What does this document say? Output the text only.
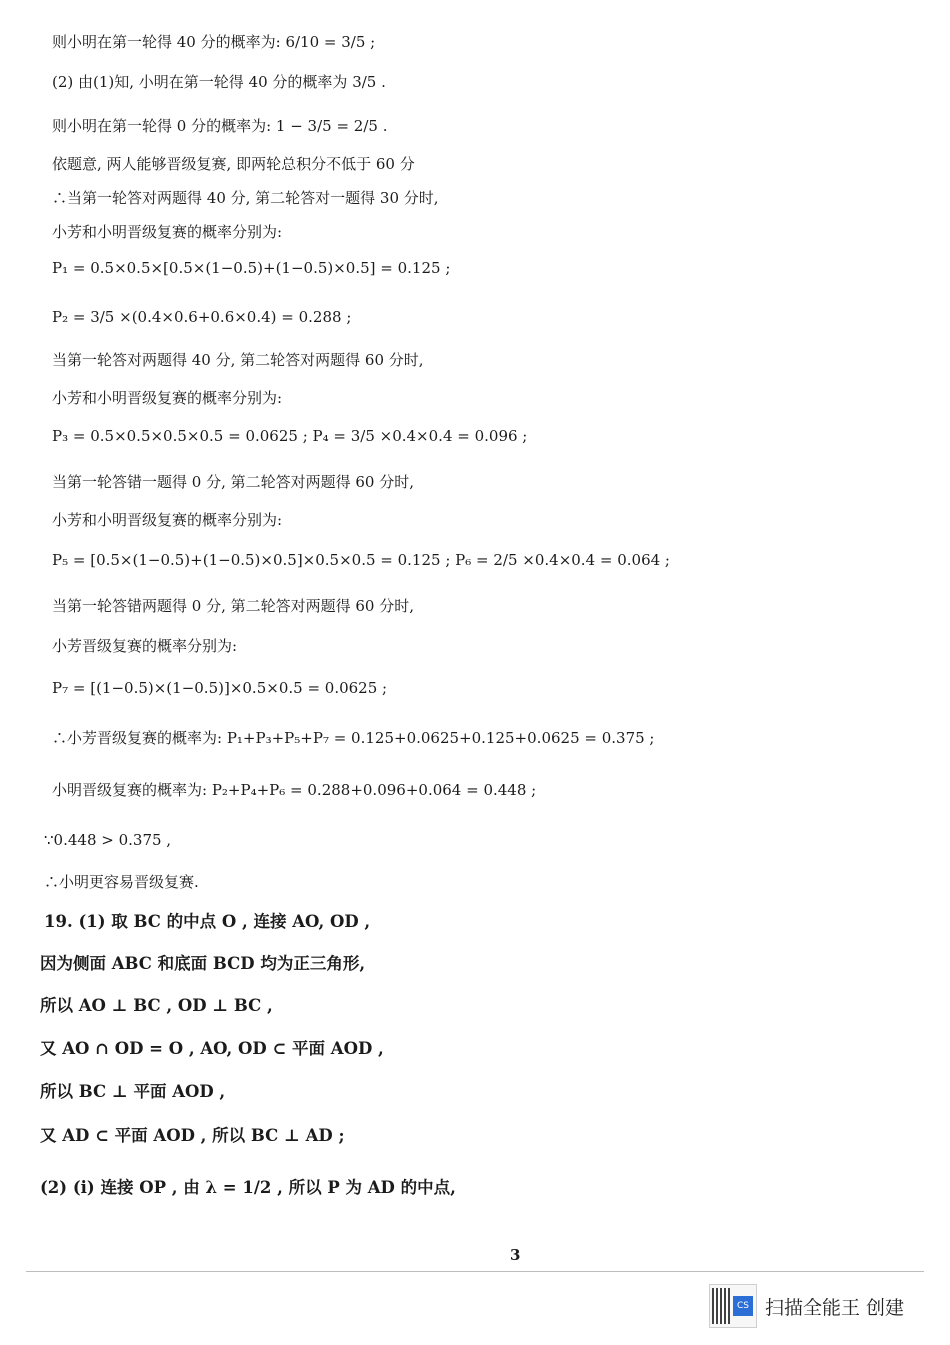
则小明在第一轮得 40 分的概率为: 6/10 = 3/5 ;
(2) 由(1)知, 小明在第一轮得 40 分的概率为 3/5 .
则小明在第一轮得 0 分的概率为: 1 − 3/5 = 2/5 .
依题意, 两人能够晋级复赛, 即两轮总积分不低于 60 分
∴当第一轮答对两题得 40 分, 第二轮答对一题得 30 分时,
小芳和小明晋级复赛的概率分别为:
P₁ = 0.5×0.5×[0.5×(1−0.5)+(1−0.5)×0.5] = 0.125 ;
P₂ = 3/5 ×(0.4×0.6+0.6×0.4) = 0.288 ;
当第一轮答对两题得 40 分, 第二轮答对两题得 60 分时,
小芳和小明晋级复赛的概率分别为:
P₃ = 0.5×0.5×0.5×0.5 = 0.0625 ; P₄ = 3/5 ×0.4×0.4 = 0.096 ;
当第一轮答错一题得 0 分, 第二轮答对两题得 60 分时,
小芳和小明晋级复赛的概率分别为:
P₅ = [0.5×(1−0.5)+(1−0.5)×0.5]×0.5×0.5 = 0.125 ; P₆ = 2/5 ×0.4×0.4 = 0.064 ;
当第一轮答错两题得 0 分, 第二轮答对两题得 60 分时,
小芳晋级复赛的概率分别为:
P₇ = [(1−0.5)×(1−0.5)]×0.5×0.5 = 0.0625 ;
∴小芳晋级复赛的概率为: P₁+P₃+P₅+P₇ = 0.125+0.0625+0.125+0.0625 = 0.375 ;
小明晋级复赛的概率为: P₂+P₄+P₆ = 0.288+0.096+0.064 = 0.448 ;
∵0.448 > 0.375 ,
∴小明更容易晋级复赛.
19. (1) 取 BC 的中点 O , 连接 AO, OD ,
因为侧面 ABC 和底面 BCD 均为正三角形,
所以 AO ⊥ BC , OD ⊥ BC ,
又 AO ∩ OD = O , AO, OD ⊂ 平面 AOD ,
所以 BC ⊥ 平面 AOD ,
又 AD ⊂ 平面 AOD , 所以 BC ⊥ AD ;
(2) (i) 连接 OP , 由 λ = 1/2 , 所以 P 为 AD 的中点,
3
CS 扫描全能王 创建
